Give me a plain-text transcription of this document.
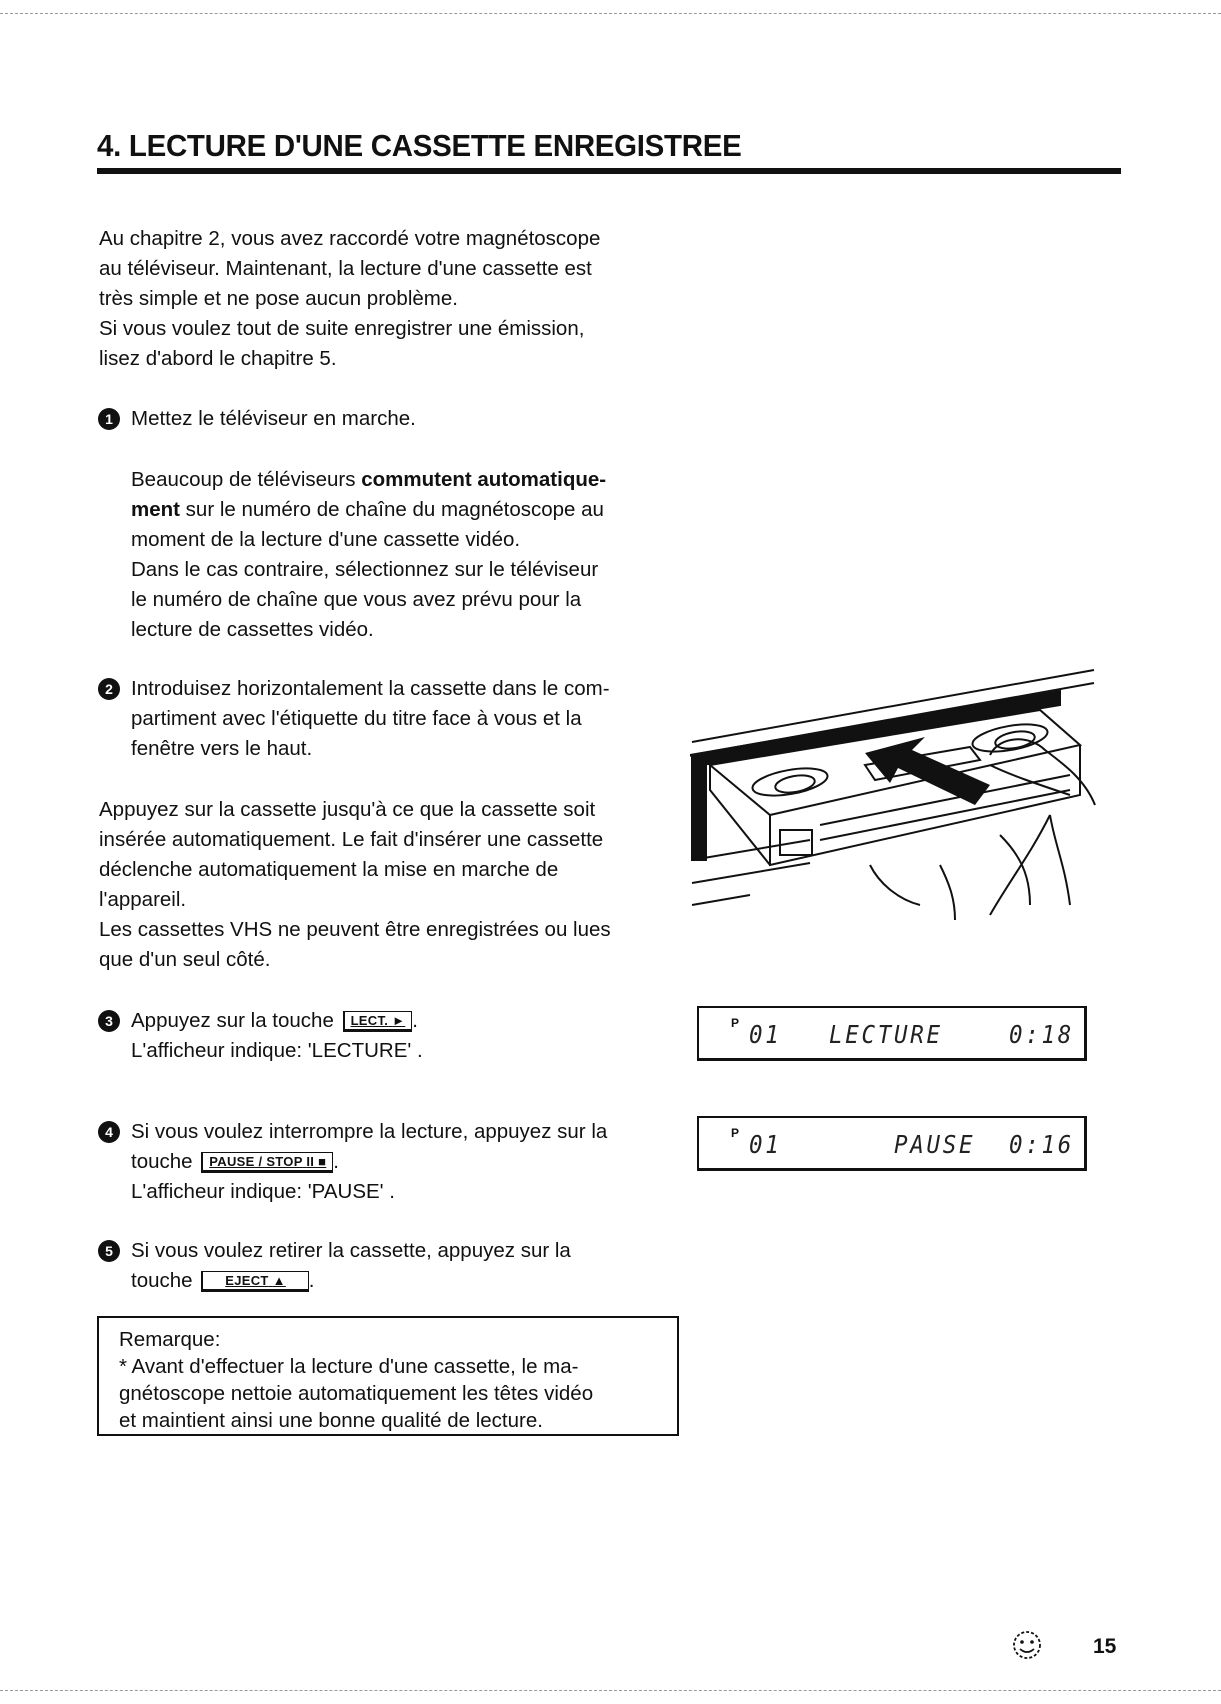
4. LECTURE D'UNE CASSETTE ENREGISTREE
Au chapitre 2, vous avez raccordé votre magnétoscope
au téléviseur. Maintenant, la lecture d'une cassette est
très simple et ne pose aucun problème.
Si vous voulez tout de suite enregistrer une émission,
lisez d'abord le chapitre 5.
1 Mettez le téléviseur en marche.
Beaucoup de téléviseurs commutent automatique-
ment sur le numéro de chaîne du magnétoscope au
moment de la lecture d'une cassette vidéo.
Dans le cas contraire, sélectionnez sur le téléviseur
le numéro de chaîne que vous avez prévu pour la
lecture de cassettes vidéo.
2 Introduisez horizontalement la cassette dans le com-
partiment avec l'étiquette du titre face à vous et la
fenêtre vers le haut.
Appuyez sur la cassette jusqu'à ce que la cassette soit
insérée automatiquement. Le fait d'insérer une cassette
déclenche automatiquement la mise en marche de
l'appareil.
Les cassettes VHS ne peuvent être enregistrées ou lues
que d'un seul côté.
3 Appuyez sur la touche LECT. ► .
L'afficheur indique: 'LECTURE' .
P 01 LECTURE	0:18
4 Si vous voulez interrompre la lecture, appuyez sur la
touche PAUSE / STOP II ■ .
L'afficheur indique: 'PAUSE' .
P 01	PAUSE 0:16
5 Si vous voulez retirer la cassette, appuyez sur la
touche	EJECT ▲ .
Remarque:
* Avant d'effectuer la lecture d'une cassette, le ma-
gnétoscope nettoie automatiquement les têtes vidéo
et maintient ainsi une bonne qualité de lecture.
15
